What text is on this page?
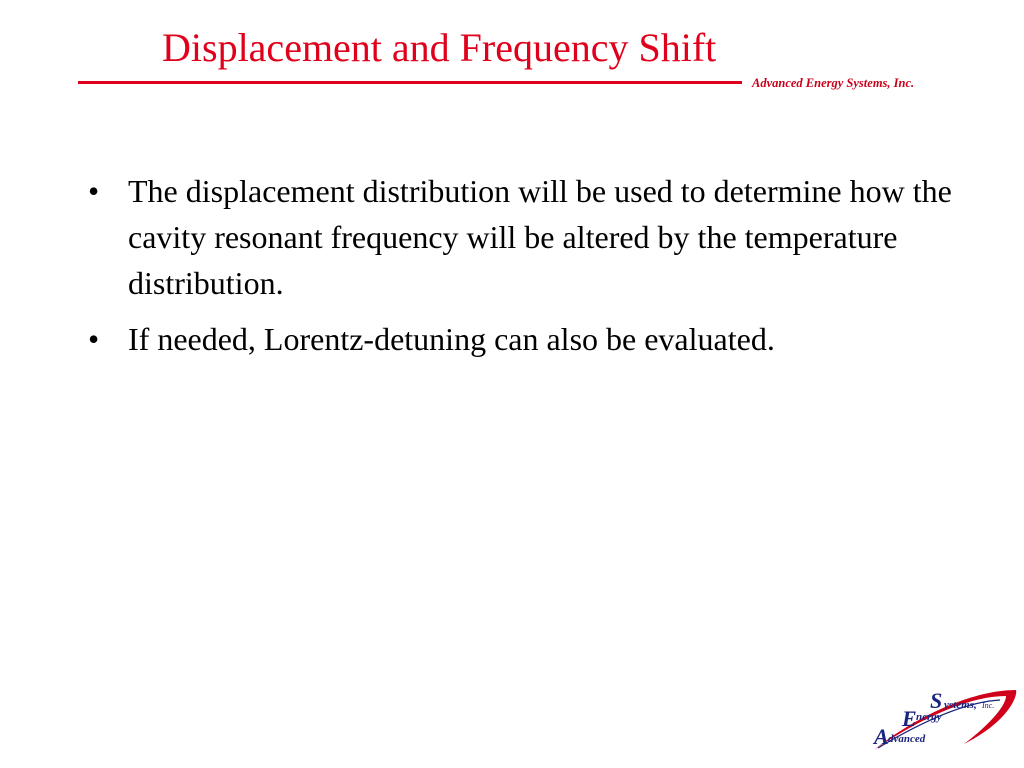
Displacement and Frequency Shift
Advanced Energy Systems, Inc.
• The displacement distribution will be used to determine how the cavity resonant frequency will be altered by the temperature distribution.
• If needed, Lorentz-detuning can also be evaluated.
S ystems, Inc.
E nergy
A dvanced
